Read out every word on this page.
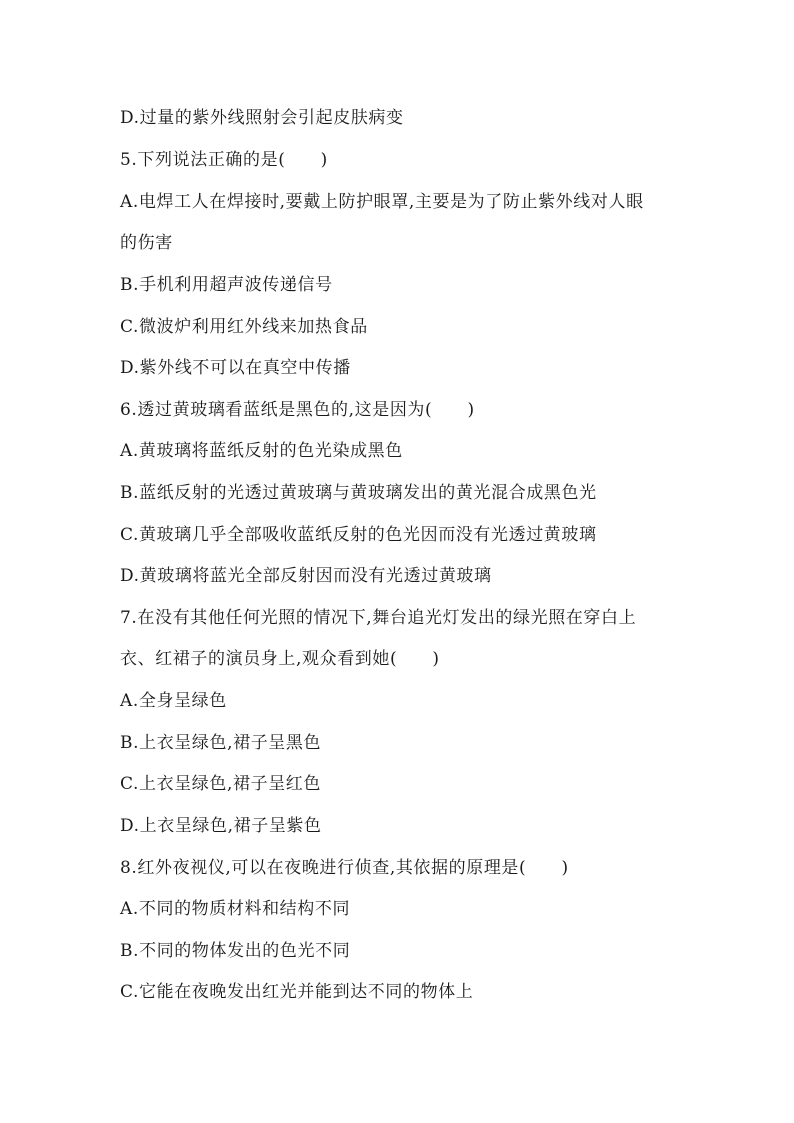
D.过量的紫外线照射会引起皮肤病变
5.下列说法正确的是(　　)
A.电焊工人在焊接时,要戴上防护眼罩,主要是为了防止紫外线对人眼
的伤害
B.手机利用超声波传递信号
C.微波炉利用红外线来加热食品
D.紫外线不可以在真空中传播
6.透过黄玻璃看蓝纸是黑色的,这是因为(　　)
A.黄玻璃将蓝纸反射的色光染成黑色
B.蓝纸反射的光透过黄玻璃与黄玻璃发出的黄光混合成黑色光
C.黄玻璃几乎全部吸收蓝纸反射的色光因而没有光透过黄玻璃
D.黄玻璃将蓝光全部反射因而没有光透过黄玻璃
7.在没有其他任何光照的情况下,舞台追光灯发出的绿光照在穿白上
衣、红裙子的演员身上,观众看到她(　　)
A.全身呈绿色
B.上衣呈绿色,裙子呈黑色
C.上衣呈绿色,裙子呈红色
D.上衣呈绿色,裙子呈紫色
8.红外夜视仪,可以在夜晚进行侦查,其依据的原理是(　　)
A.不同的物质材料和结构不同
B.不同的物体发出的色光不同
C.它能在夜晚发出红光并能到达不同的物体上
